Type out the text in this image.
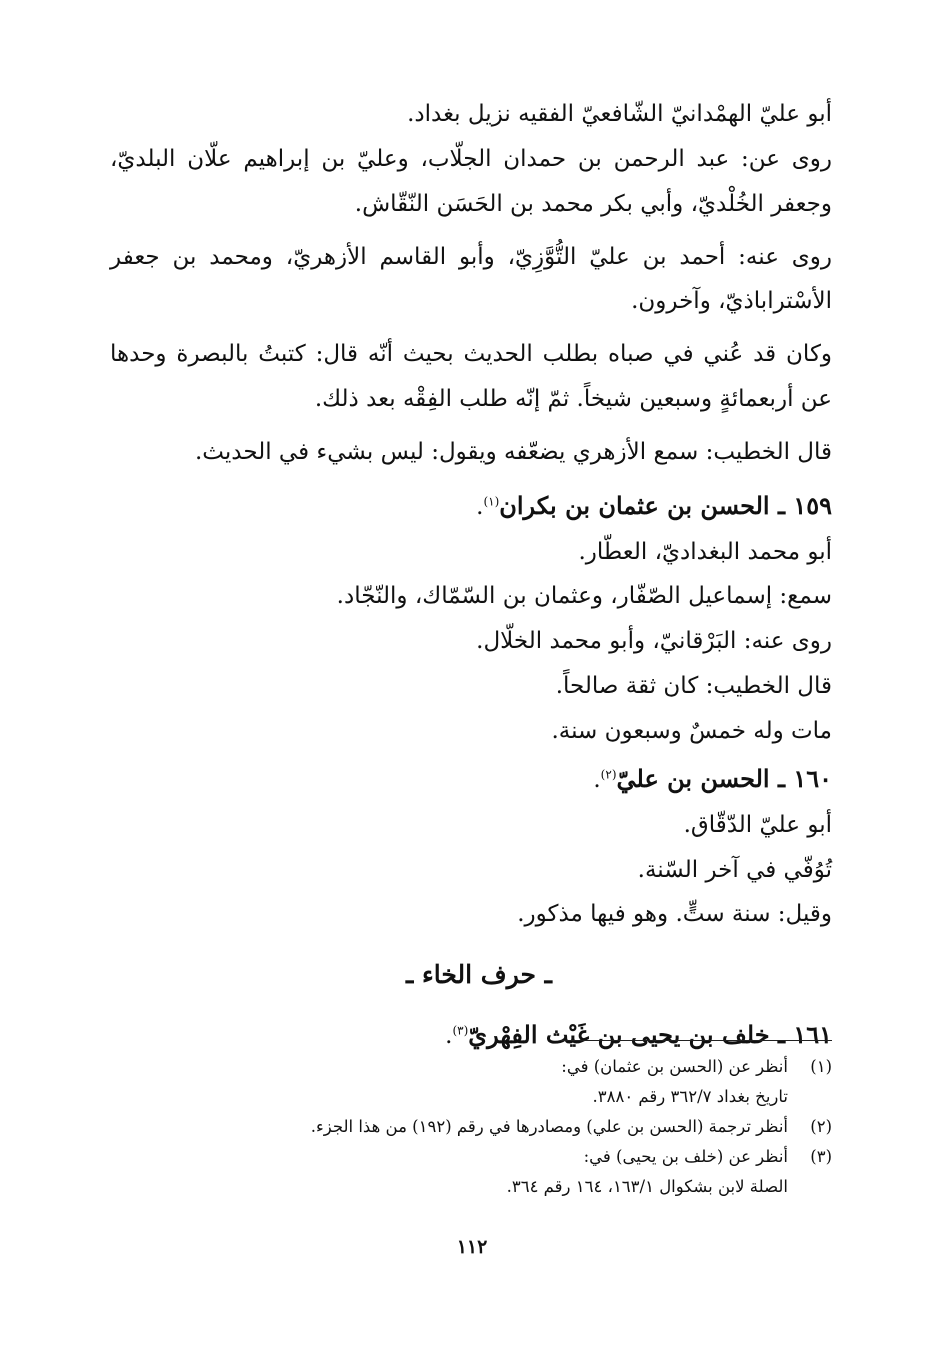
أبو عليّ الهمْدانيّ الشّافعيّ الفقيه نزيل بغداد.

روى عن: عبد الرحمن بن حمدان الجلّاب، وعليّ بن إبراهيم علّان البلديّ، وجعفر الخُلْديّ، وأبي بكر محمد بن الحَسَن النّقّاش.

روى عنه: أحمد بن عليّ التُّوَّزِيّ، وأبو القاسم الأزهريّ، ومحمد بن جعفر الأسْتراباذيّ، وآخرون.

وكان قد عُني في صباه بطلب الحديث بحيث أنّه قال: كتبتُ بالبصرة وحدها عن أربعمائةٍ وسبعين شيخاً. ثمّ إنّه طلب الفِقْه بعد ذلك.

قال الخطيب: سمع الأزهري يضعّفه ويقول: ليس بشيء في الحديث.

١٥٩ ـ الحسن بن عثمان بن بكران$^{(١)}$.
أبو محمد البغداديّ، العطّار.
سمع: إسماعيل الصّفّار، وعثمان بن السّمّاك، والنّجّاد.
روى عنه: البَرْقانيّ، وأبو محمد الخلّال.
قال الخطيب: كان ثقة صالحاً.
مات وله خمسٌ وسبعون سنة.
١٦٠ ـ الحسن بن عليّ$^{(٢)}$.
أبو عليّ الدّقّاق.
تُوُفّي في آخر السّنة.
وقيل: سنة ستٍّ. وهو فيها مذكور.
ـ حرف الخاء ـ
١٦١ ـ خلف بن يحيى بن غَيْث الفِهْريّ$^{(٣)}$.
(١)
أنظر عن (الحسن بن عثمان) في:
تاريخ بغداد ٣٦٢/٧ رقم ٣٨٨٠.
(٢)
أنظر ترجمة (الحسن بن علي) ومصادرها في رقم (١٩٢) من هذا الجزء.
(٣)
أنظر عن (خلف بن يحيى) في:
الصلة لابن بشكوال ١٦٣/١، ١٦٤ رقم ٣٦٤.
١١٢
